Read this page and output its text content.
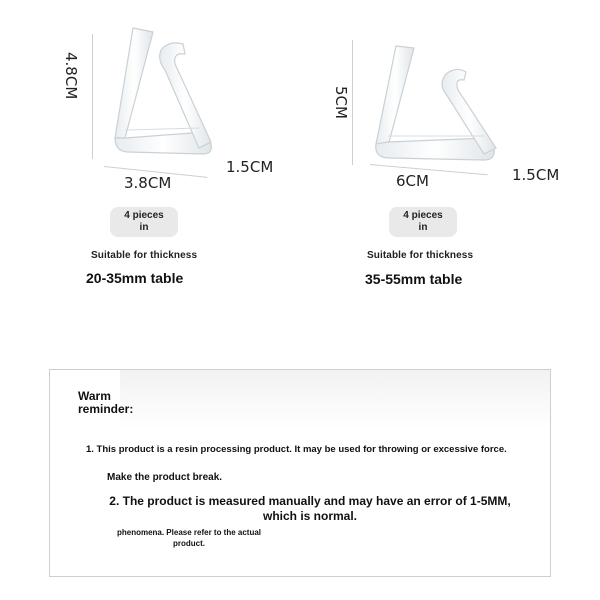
4.8CM
3.8CM
1.5CM
4 pieces
in
Suitable for thickness
20-35mm table
5CM
6CM	1.5CM
4 pieces
in
Suitable for thickness
35-55mm table
Warm
reminder:
1. This product is a resin processing product. It may be used for throwing or excessive force.
Make the product break.
2. The product is measured manually and may have an error of 1-5MM,
which is normal.
phenomena. Please refer to the actual
product.
